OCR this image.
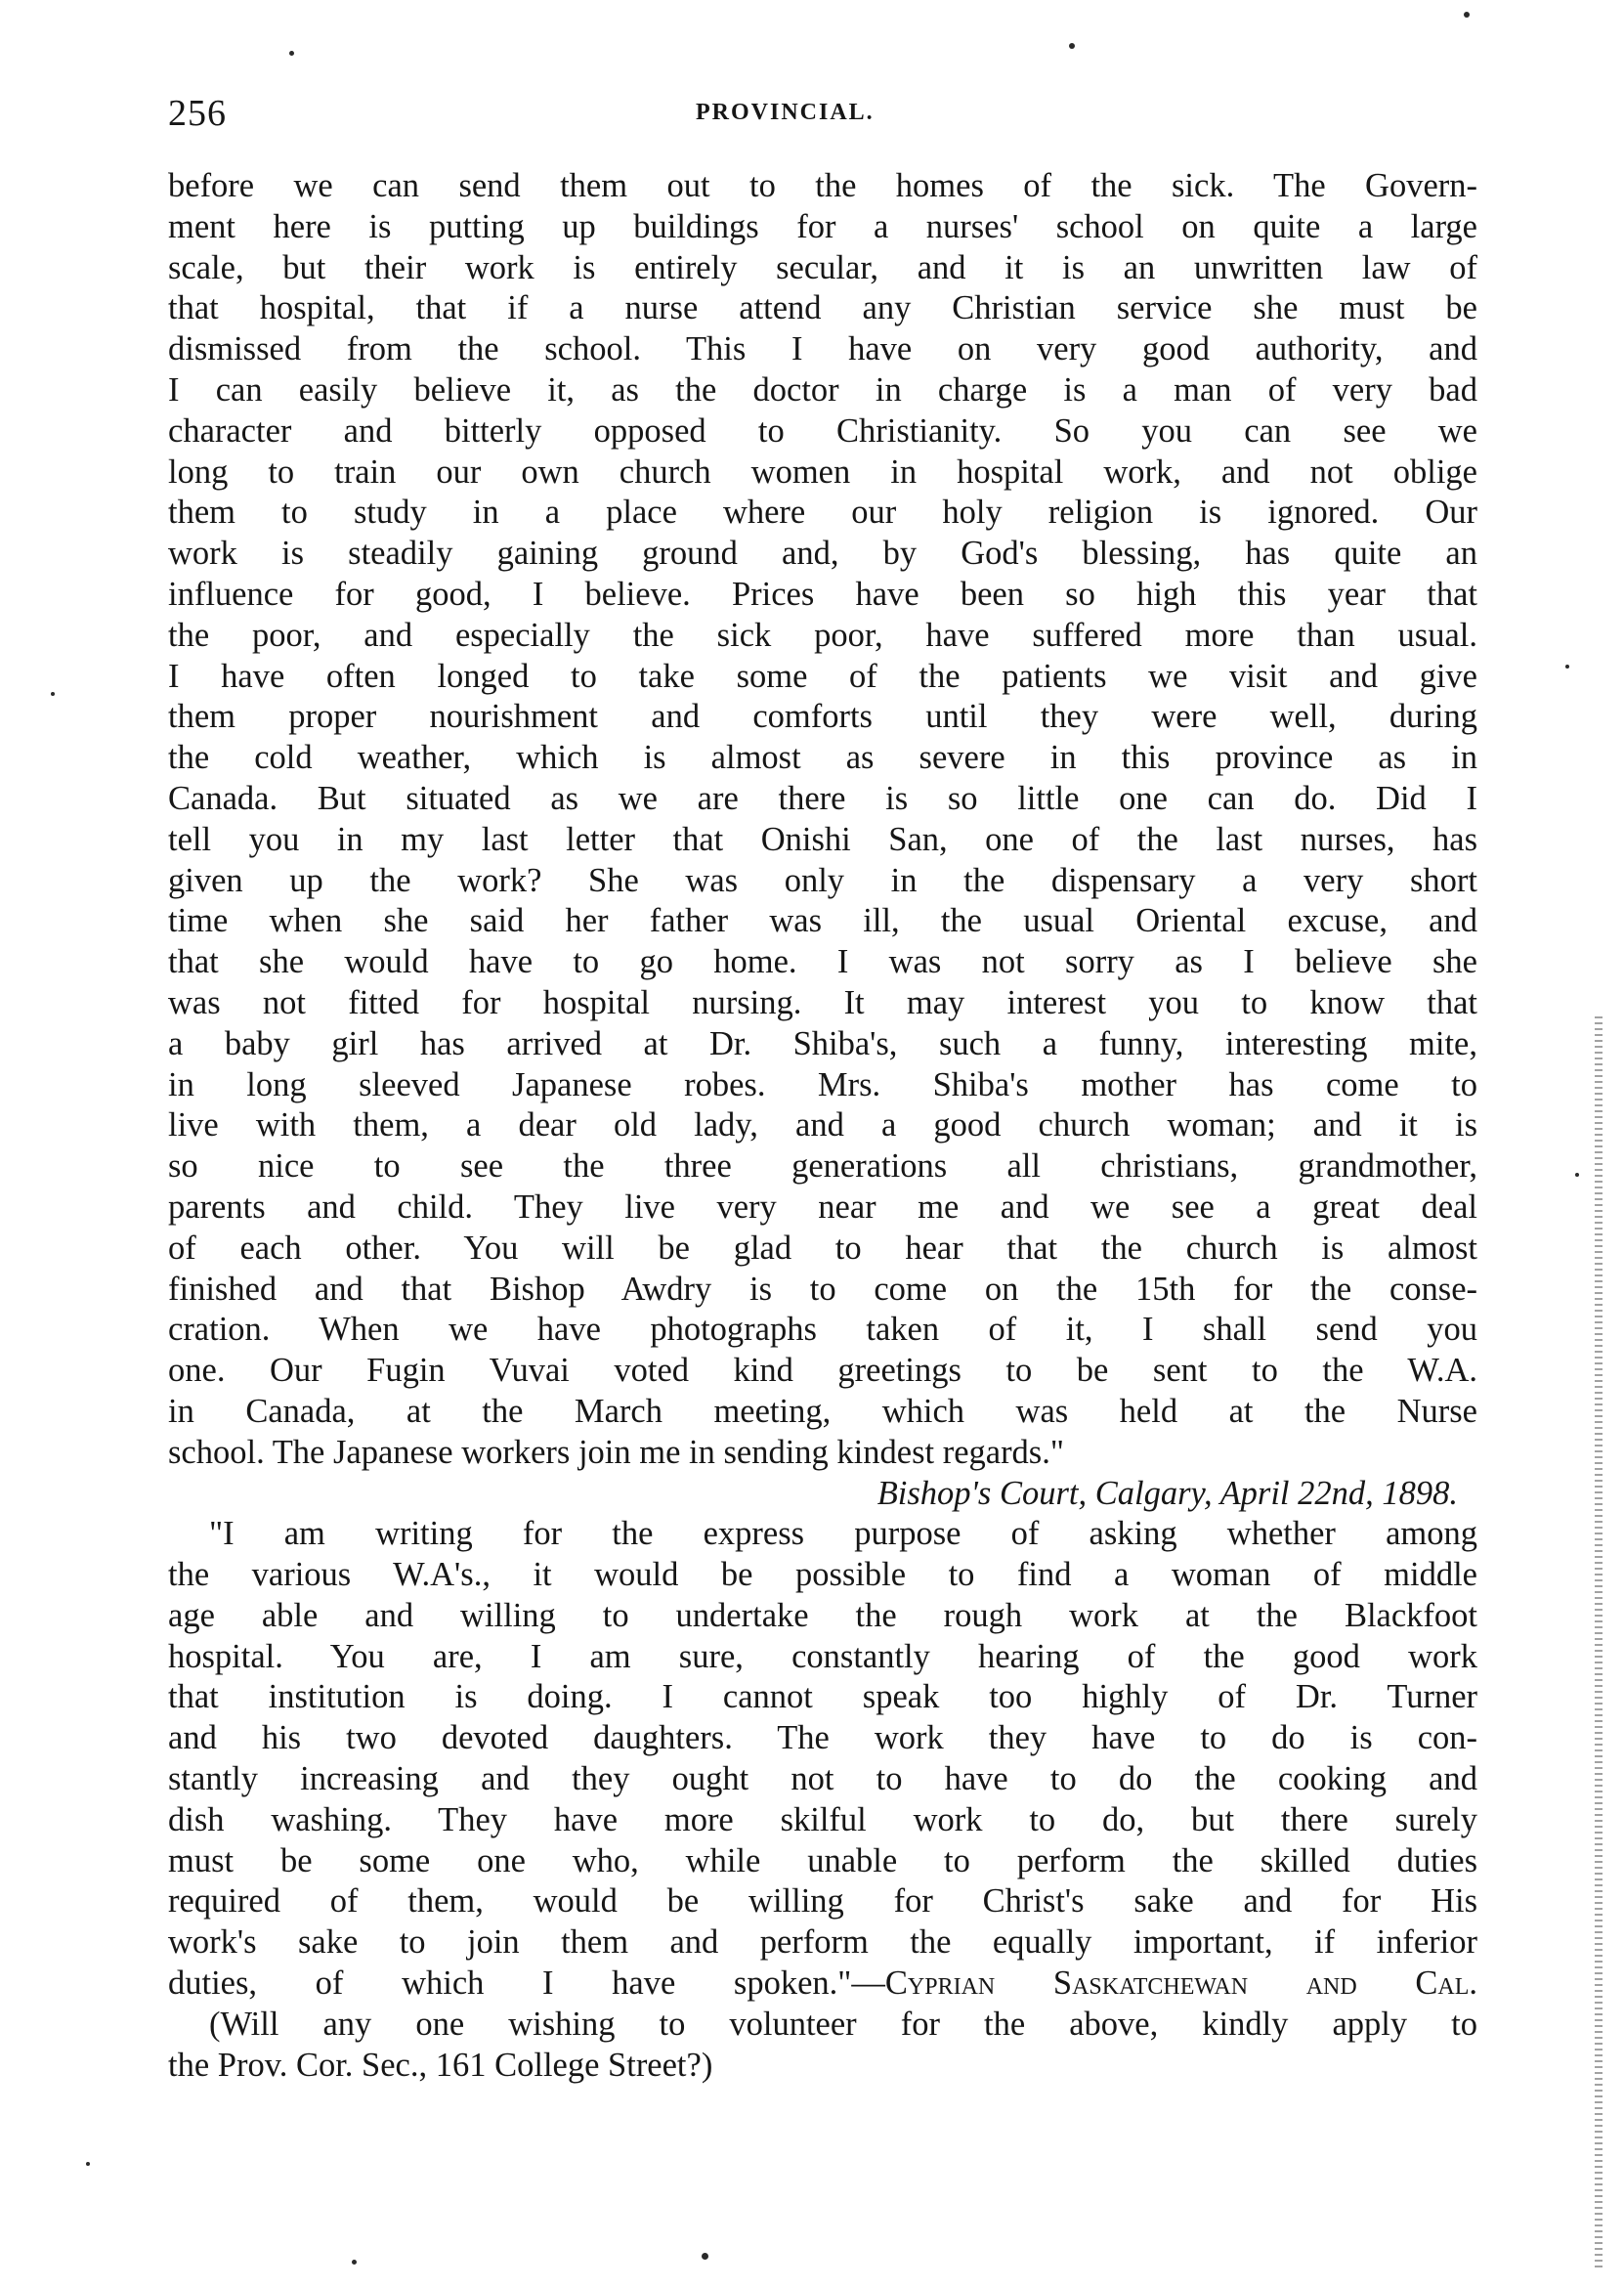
256	PROVINCIAL.
before we can send them out to the homes of the sick. The Govern-
ment here is putting up buildings for a nurses' school on quite a large
scale, but their work is entirely secular, and it is an unwritten law of
that hospital, that if a nurse attend any Christian service she must be
dismissed from the school. This I have on very good authority, and
I can easily believe it, as the doctor in charge is a man of very bad
character and bitterly opposed to Christianity. So you can see we
long to train our own church women in hospital work, and not oblige
them to study in a place where our holy religion is ignored. Our
work is steadily gaining ground and, by God's blessing, has quite an
influence for good, I believe. Prices have been so high this year that
the poor, and especially the sick poor, have suffered more than usual.
I have often longed to take some of the patients we visit and give
them proper nourishment and comforts until they were well, during
the cold weather, which is almost as severe in this province as in
Canada. But situated as we are there is so little one can do. Did I
tell you in my last letter that Onishi San, one of the last nurses, has
given up the work? She was only in the dispensary a very short
time when she said her father was ill, the usual Oriental excuse, and
that she would have to go home. I was not sorry as I believe she
was not fitted for hospital nursing. It may interest you to know that
a baby girl has arrived at Dr. Shiba's, such a funny, interesting mite,
in long sleeved Japanese robes. Mrs. Shiba's mother has come to
live with them, a dear old lady, and a good church woman; and it is
so nice to see the three generations all christians, grandmother,
parents and child. They live very near me and we see a great deal
of each other. You will be glad to hear that the church is almost
finished and that Bishop Awdry is to come on the 15th for the conse-
cration. When we have photographs taken of it, I shall send you
one. Our Fugin Vuvai voted kind greetings to be sent to the W.A.
in Canada, at the March meeting, which was held at the Nurse
school. The Japanese workers join me in sending kindest regards."
Bishop's Court, Calgary, April 22nd, 1898.
"I am writing for the express purpose of asking whether among
the various W.A's., it would be possible to find a woman of middle
age able and willing to undertake the rough work at the Blackfoot
hospital. You are, I am sure, constantly hearing of the good work
that institution is doing. I cannot speak too highly of Dr. Turner
and his two devoted daughters. The work they have to do is con-
stantly increasing and they ought not to have to do the cooking and
dish washing. They have more skilful work to do, but there surely
must be some one who, while unable to perform the skilled duties
required of them, would be willing for Christ's sake and for His
work's sake to join them and perform the equally important, if inferior
duties, of which I have spoken."—Cyprian Saskatchewan and Cal.
(Will any one wishing to volunteer for the above, kindly apply to
the Prov. Cor. Sec., 161 College Street?)
